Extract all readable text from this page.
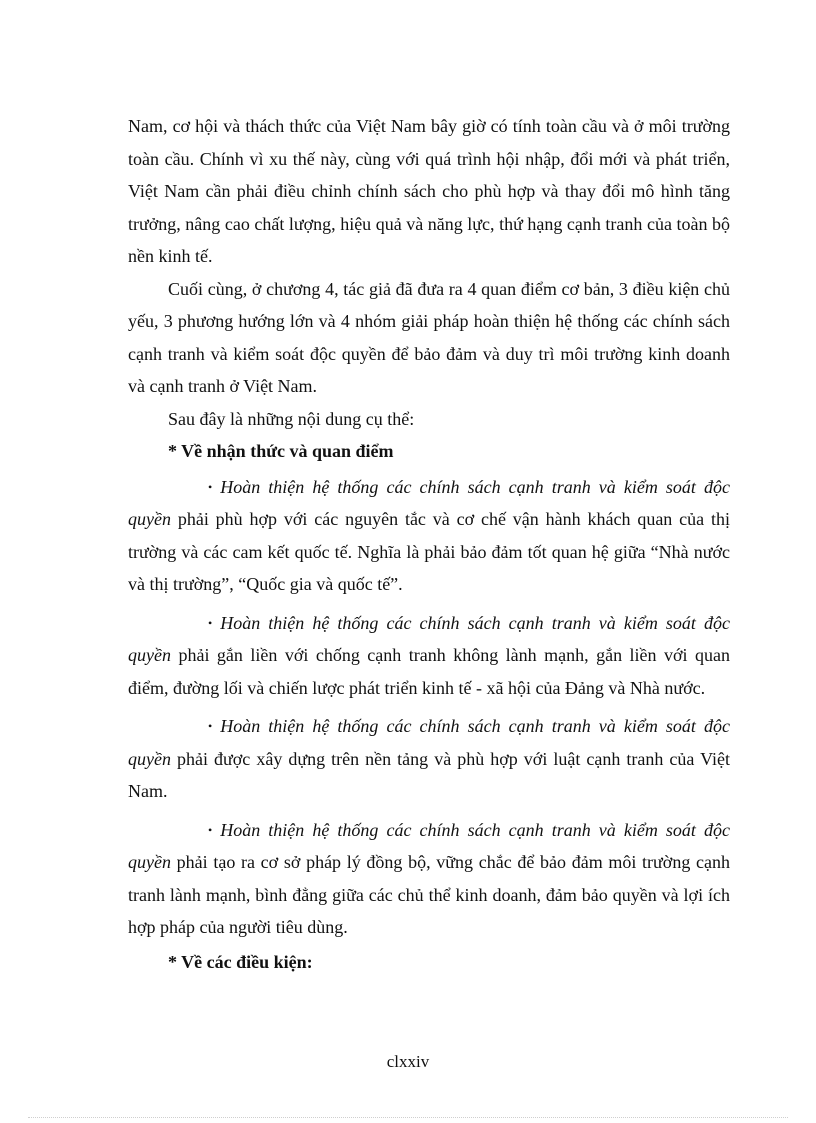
Nam, cơ hội và thách thức của Việt Nam bây giờ có tính toàn cầu và ở môi trường toàn cầu. Chính vì xu thế này, cùng với quá trình hội nhập, đổi mới và phát triển, Việt Nam cần phải điều chỉnh chính sách cho phù hợp và thay đổi mô hình tăng trưởng, nâng cao chất lượng, hiệu quả và năng lực, thứ hạng cạnh tranh của toàn bộ nền kinh tế.

Cuối cùng, ở chương 4, tác giả đã đưa ra 4 quan điểm cơ bản, 3 điều kiện chủ yếu, 3 phương hướng lớn và 4 nhóm giải pháp hoàn thiện hệ thống các chính sách cạnh tranh và kiểm soát độc quyền để bảo đảm và duy trì môi trường kinh doanh và cạnh tranh ở Việt Nam.

Sau đây là những nội dung cụ thể:

* Về nhận thức và quan điểm

• Hoàn thiện hệ thống các chính sách cạnh tranh và kiểm soát độc quyền phải phù hợp với các nguyên tắc và cơ chế vận hành khách quan của thị trường và các cam kết quốc tế. Nghĩa là phải bảo đảm tốt quan hệ giữa “Nhà nước và thị trường”, “Quốc gia và quốc tế”.

• Hoàn thiện hệ thống các chính sách cạnh tranh và kiểm soát độc quyền phải gắn liền với chống cạnh tranh không lành mạnh, gắn liền với quan điểm, đường lối và chiến lược phát triển kinh tế - xã hội của Đảng và Nhà nước.

• Hoàn thiện hệ thống các chính sách cạnh tranh và kiểm soát độc quyền phải được xây dựng trên nền tảng và phù hợp với luật cạnh tranh của Việt Nam.

• Hoàn thiện hệ thống các chính sách cạnh tranh và kiểm soát độc quyền phải tạo ra cơ sở pháp lý đồng bộ, vững chắc để bảo đảm môi trường cạnh tranh lành mạnh, bình đẳng giữa các chủ thể kinh doanh, đảm bảo quyền và lợi ích hợp pháp của người tiêu dùng.

* Về các điều kiện:

clxxiv
